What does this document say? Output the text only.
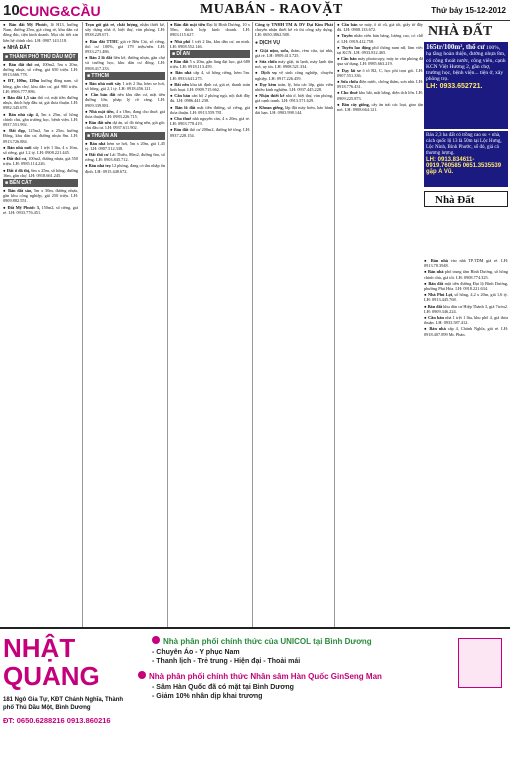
10 CUNG&CẦU	MUABÁN - RAOVẶT	Thứ bảy 15-12-2012

● Bán đất Mỹ Phước, lô H13, hướng Nam, đường 25m, giá công rẻ, khu dân cư đông đúc, tiện kinh doanh. Mọi chi tiết xin liên hệ chính chủ. LH: 0907.143.118.

● NHÀ ĐẤT
■ THÀNH PHỐ THỦ DẦU MỘT

● Bán đất thổ cư, 100m2, 5m x 20m, đường nhựa, sổ riêng, giá 650 triệu. LH: 0913.666.778.

● ĐT, 100m, 120m hướng đông nam, sổ hồng, gần chợ, khu dân cư, giá 980 triệu. LH: 0906.777.886.

● Bán đất 1,5 sào thổ cư, mặt tiền đường nhựa, thích hợp đầu tư, giá thỏa thuận. LH: 0982.345.678.

● Bán nhà cấp 4, 5m x 25m, sổ hồng chính chủ, gần trường học, bệnh viện. LH: 0937.551.992.

● Đất đẹp, 125m2, 5m x 25m, hướng Đông, khu dân cư, đường nhựa 8m. LH: 0913.726.884.

● Bán nhà mới xây 1 trệt 1 lầu, 4 x 16m, sổ riêng, giá 1,2 tỷ. LH: 0908.221.445.

● Đất thổ cư, 100m2, đường nhựa, giá 550 triệu. LH: 0985.114.226.

● Đất ở đô thị, 6m x 25m, sổ hồng, đường 16m, gần chợ. LH: 0918.661.245.

■ BẾN CÁT

● Bán đất sào, 5m x 30m, đường nhựa, gần khu công nghiệp, giá 250 triệu. LH: 0909.882.551.

● Đất Mỹ Phước 3, 150m2, sổ riêng, giá rẻ. LH: 0933.776.451.

Trọn gói giá rẻ, chất lượng, nhận thiết kế, xây dựng nhà ở, biệt thự, văn phòng. LH: 0938.229.671.

● Bán đất TTHC giá rẻ Bến Cát, sổ riêng, thổ cư 100%, giá 179 triệu/nền. LH: 0933.271.486.

● Bán 2 lô đất liền kề, đường nhựa, gần chợ và trường học, khu dân cư đông. LH: 0908.417.233.

■ TTHCM

● Bán nhà mới xây 1 trệt 2 lầu, hẻm xe hơi, sổ hồng, giá 2,1 tỷ. LH: 0918.456.121.

● Cần bán đất nền khu dân cư, mặt tiền đường lớn, pháp lý rõ ràng. LH: 0909.339.881.

● Nhà mặt tiền, 4 x 18m, đang cho thuê, giá thỏa thuận. LH: 0983.226.715.

● Bán đất nền dự án, sổ đỏ từng nền, giá gốc chủ đầu tư. LH: 0937.611.902.

■ THUẬN AN

● Bán nhà hẻm xe hơi, 5m x 20m, giá 1,45 tỷ. LH: 0907.512.338.

● Đất thổ cư Lái Thiêu, 80m2, đường 6m, sổ riêng. LH: 0903.845.712.

● Bán nhà trọ 12 phòng, đang có thu nhập ổn định. LH: 0915.448.672.

● Bán đất mặt tiền Đại lộ Bình Dương, 10 x 50m, thích hợp kinh doanh. LH: 0903.115.627.

● Nhà phố 1 trệt 2 lầu, khu dân cư, an ninh. LH: 0908.552.146.

■ DĨ AN

● Bán đất 5 x 20m, gần làng đại học, giá 680 triệu. LH: 0918.113.459.

● Bán nhà cấp 4, sổ hồng riêng, hẻm 5m. LH: 0933.641.275.

● Đất nền khu tái định cư, giá rẻ, thanh toán linh hoạt. LH: 0909.715.662.

● Cần bán căn hộ 2 phòng ngủ, nội thất đầy đủ. LH: 0986.441.238.

● Bán lô đất mặt tiền đường, sổ riêng, giá thỏa thuận. LH: 0913.559.781.

● Cho thuê nhà nguyên căn, 4 x 20m, giá rẻ. LH: 0903.778.419.

● Bán đất thổ cư 200m2, đường bê tông. LH: 0937.228.154.

Công ty TNHH TM & DV Đại Kim Phát chuyên nhận thiết kế và thi công xây dựng. LH: 0650.3862.588.

● DỊCH VỤ

● Giặt nệm, sofa, thảm, rèm cửa, tại nhà, giá rẻ. LH: 0909.413.725.

● Sửa chữa máy giặt, tủ lạnh, máy lạnh tận nơi, uy tín. LH: 0908.521.334.

● Dịch vụ vệ sinh công nghiệp, chuyên nghiệp. LH: 0917.226.459.

● Dạy kèm toán, lý, hóa các lớp, giáo viên nhiều kinh nghiệm. LH: 0937.445.228.

● Nhận thiết kế nhà ở, biệt thự, văn phòng, giá cạnh tranh. LH: 0913.571.629.

● Khoan giếng, lắp đặt máy bơm, bảo hành dài hạn. LH: 0903.998.144.

● Cần bán xe máy, ô tô cũ, giá tốt, giấy tờ đầy đủ. LH: 0908.133.672.

● Tuyển nhân viên bán hàng, lương cao, có chỗ ở. LH: 0919.412.758.

● Tuyển lao động phổ thông nam nữ, làm việc tại KCN. LH: 0933.812.465.

● Cần bán máy photocopy, máy in văn phòng đã qua sử dụng. LH: 0985.663.219.

● Dạy lái xe ô tô B2, C, học phí trọn gói. LH: 0907.551.336.

● Sửa chữa điện nước, chống thấm, sơn nhà. LH: 0918.776.431.

● Cho thuê kho bãi, mặt bằng, diện tích lớn. LH: 0909.225.873.

● Bán cây giống, cây ăn trái các loại, giao tận nơi. LH: 0908.664.121.

NHÀ ĐẤT
165tr/100m², thổ cư 100%, hạ tầng hoàn thiện, đường nhựa 8m, có công thoát nước, công viên, cạnh KCN Việt Hương 2, gần chợ, trường học, bệnh viện... tiện ở, xây phòng trọ.
LH: 0933.652721.
Bán 2,3 ha đất có trồng cao su + nhà, cách quốc lộ 13 là 50m tại Lộc Hưng, Lộc Ninh, Bình Phước, sổ đỏ, giá cả thương lượng.
LH: 0913.834611-0919.760585 0651.3535539 gặp A Vũ.
Nhà Đất

● Bán nhà vào nhà TP.TDM giá rẻ. LH: 0913.78.3948.

● Bán nhà phố trung tâm Bình Dương, sổ hồng chính chủ, giá tốt. LH: 0908.774.325.

● Bán đất mặt tiền đường Đại lộ Bình Dương, phường Phú Hòa. LH: 0918.221.634.

● Nhà Phú Lợi, sổ hồng, 4,2 x 20m, giá 1,6 tỷ. LH: 0913.445.768.

● Bán đất khu dân cư Hiệp Thành 3, giá 7tr/m2. LH: 0909.346.224.

● Cần bán nhà 1 trệt 1 lầu, khu phố 4, giá thỏa thuận. LH: 0933.587.412.

● Bán nhà cấp 4, Chánh Nghĩa, giá rẻ. LH: 0918.407.899 Mr. Phán.

NHẬT QUANG
181 Ngô Gia Tự, KĐT Chánh Nghĩa, Thành phố Thủ Dầu Một, Bình Dương
ĐT: 0650.6288216 0913.860216
Nhà phân phối chính thức của UNICOL tại Bình Dương
- Chuyên Áo - Y phục Nam
- Thanh lịch - Trẻ trung - Hiện đại - Thoải mái
Nhà phân phối chính thức Nhân sâm Hàn Quốc GinSeng Man
- Sâm Hàn Quốc đã có mặt tại Bình Dương
- Giảm 10% nhân dịp khai trương
